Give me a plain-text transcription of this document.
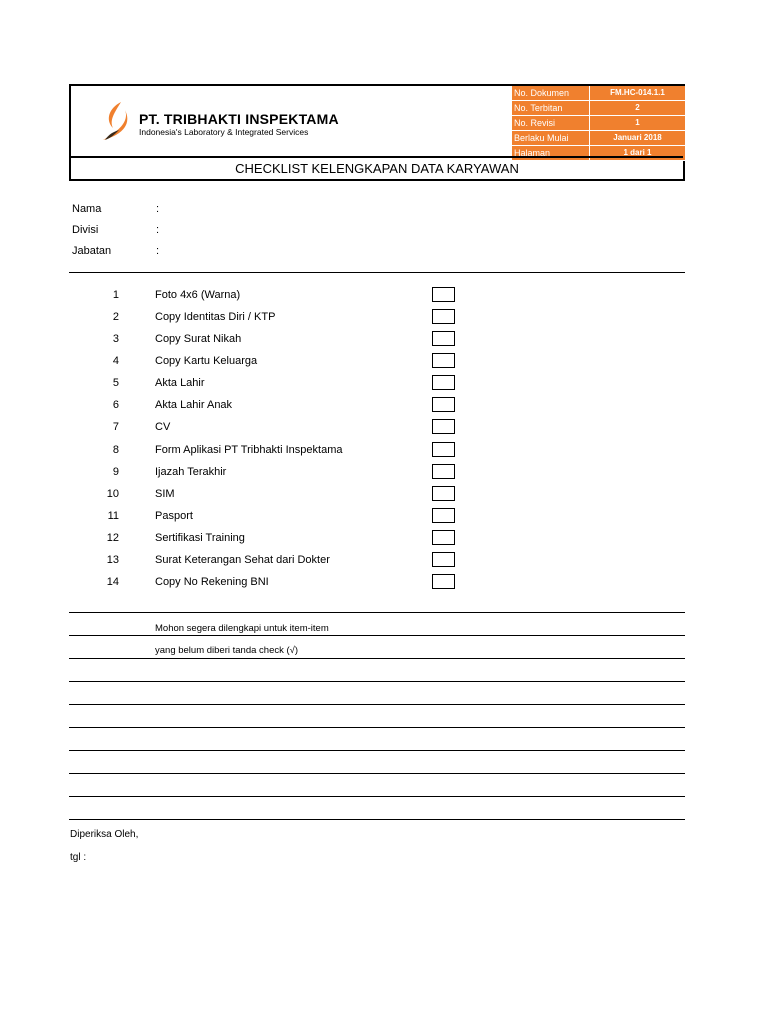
PT. TRIBHAKTI INSPEKTAMA
Indonesia's Laboratory & Integrated Services
No. Dokumen	FM.HC-014.1.1
No. Terbitan	2
No. Revisi	1
Berlaku Mulai	Januari 2018
Halaman	1 dari 1
CHECKLIST KELENGKAPAN DATA KARYAWAN
Nama	:
Divisi	:
Jabatan	:
1	Foto 4x6 (Warna)
2	Copy Identitas Diri / KTP
3	Copy Surat Nikah
4	Copy Kartu Keluarga
5	Akta Lahir
6	Akta Lahir Anak
7	CV
8	Form Aplikasi PT Tribhakti Inspektama
9	Ijazah Terakhir
10	SIM
11	Pasport
12	Sertifikasi Training
13	Surat Keterangan Sehat dari Dokter
14	Copy No Rekening BNI
Mohon segera dilengkapi untuk item-item
yang belum diberi tanda check (√)
Diperiksa Oleh,
tgl :
